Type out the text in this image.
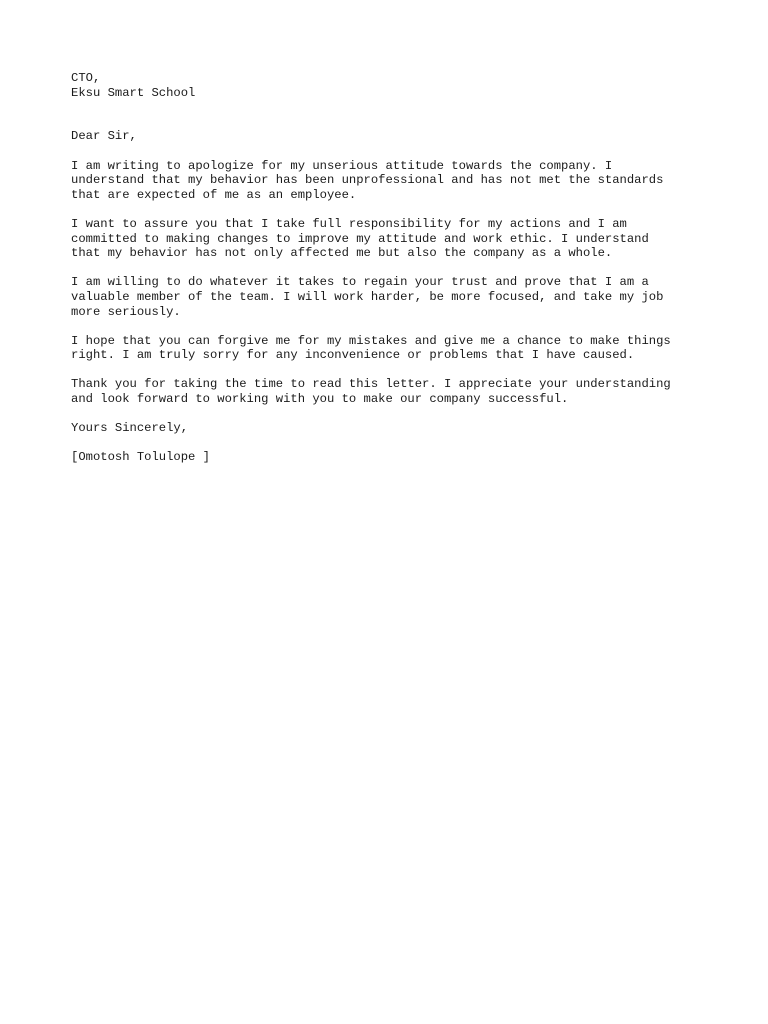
CTO,
Eksu Smart School
Dear Sir,
I am writing to apologize for my unserious attitude towards the company. I
understand that my behavior has been unprofessional and has not met the standards
that are expected of me as an employee.
I want to assure you that I take full responsibility for my actions and I am
committed to making changes to improve my attitude and work ethic. I understand
that my behavior has not only affected me but also the company as a whole.
I am willing to do whatever it takes to regain your trust and prove that I am a
valuable member of the team. I will work harder, be more focused, and take my job
more seriously.
I hope that you can forgive me for my mistakes and give me a chance to make things
right. I am truly sorry for any inconvenience or problems that I have caused.
Thank you for taking the time to read this letter. I appreciate your understanding
and look forward to working with you to make our company successful.
Yours Sincerely,
[Omotosh Tolulope ]
